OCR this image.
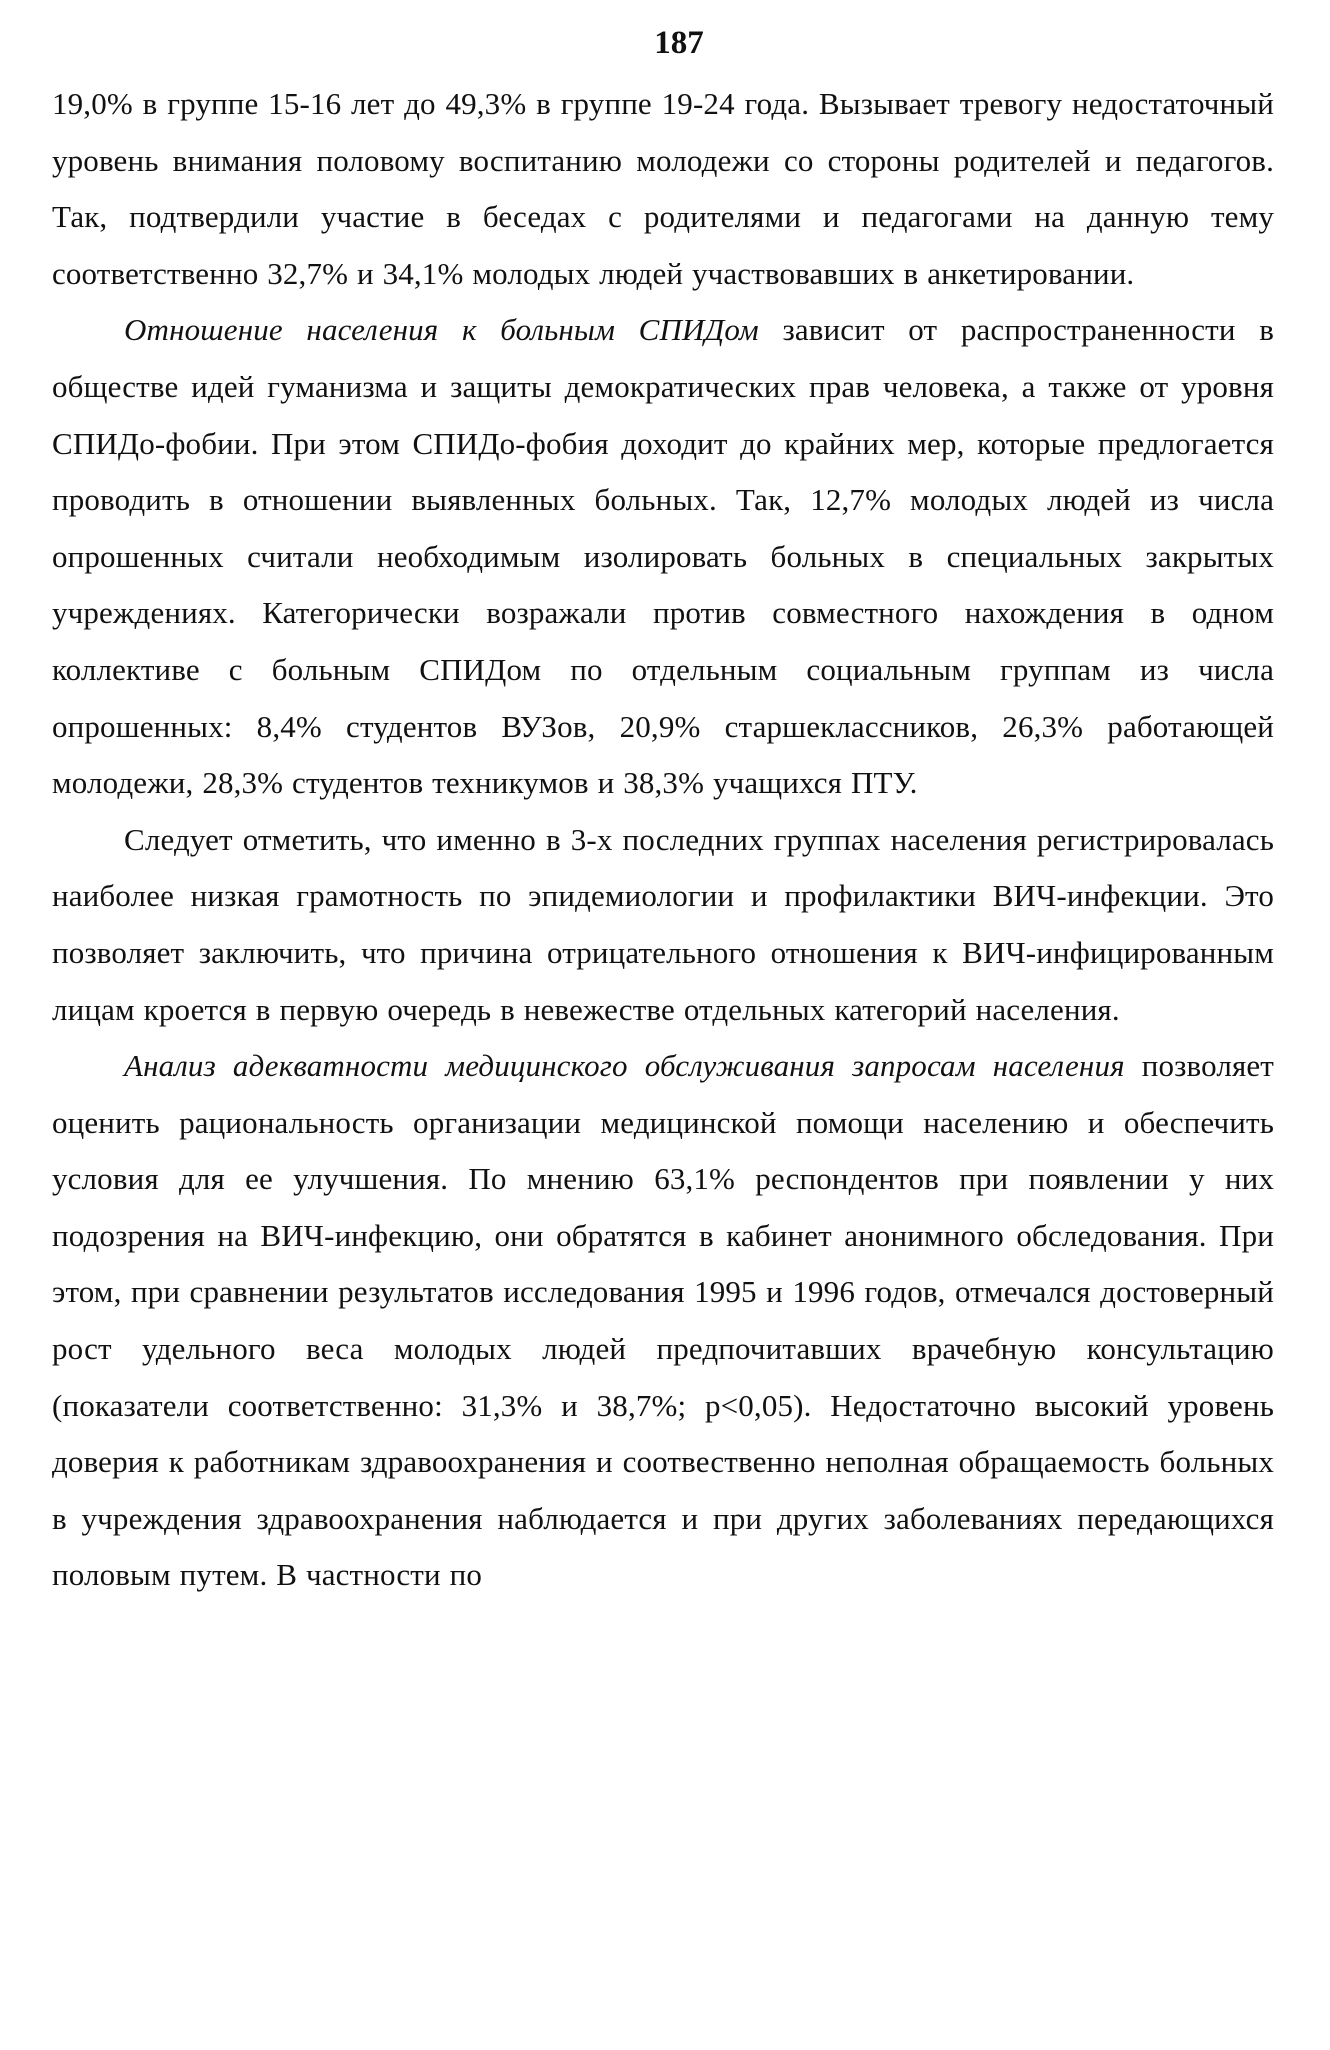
187

19,0% в группе 15-16 лет до 49,3% в группе 19-24 года. Вызывает тревогу недостаточный уровень внимания половому воспитанию молодежи со стороны родителей и педагогов. Так, подтвердили участие в беседах с родителями и педагогами на данную тему соответственно 32,7% и 34,1% молодых людей участвовавших в анкетировании.

Отношение населения к больным СПИДом зависит от распространенности в обществе идей гуманизма и защиты демократических прав человека, а также от уровня СПИДо-фобии. При этом СПИДо-фобия доходит до крайних мер, которые предлогается проводить в отношении выявленных больных. Так, 12,7% молодых людей из числа опрошенных считали необходимым изолировать больных в специальных закрытых учреждениях. Категорически возражали против совместного нахождения в одном коллективе с больным СПИДом по отдельным социальным группам из числа опрошенных: 8,4% студентов ВУЗов, 20,9% старшеклассников, 26,3% работающей молодежи, 28,3% студентов техникумов и 38,3% учащихся ПТУ.

Следует отметить, что именно в 3-х последних группах населения регистрировалась наиболее низкая грамотность по эпидемиологии и профилактики ВИЧ-инфекции. Это позволяет заключить, что причина отрицательного отношения к ВИЧ-инфицированным лицам кроется в первую очередь в невежестве отдельных категорий населения.

Анализ адекватности медицинского обслуживания запросам населения позволяет оценить рациональность организации медицинской помощи населению и обеспечить условия для ее улучшения. По мнению 63,1% респондентов при появлении у них подозрения на ВИЧ-инфекцию, они обратятся в кабинет анонимного обследования. При этом, при сравнении результатов исследования 1995 и 1996 годов, отмечался достоверный рост удельного веса молодых людей предпочитавших врачебную консультацию (показатели соответственно: 31,3% и 38,7%; p<0,05). Недостаточно высокий уровень доверия к работникам здравоохранения и соотвественно неполная обращаемость больных в учреждения здравоохранения наблюдается и при других заболеваниях передающихся половым путем. В частности по
